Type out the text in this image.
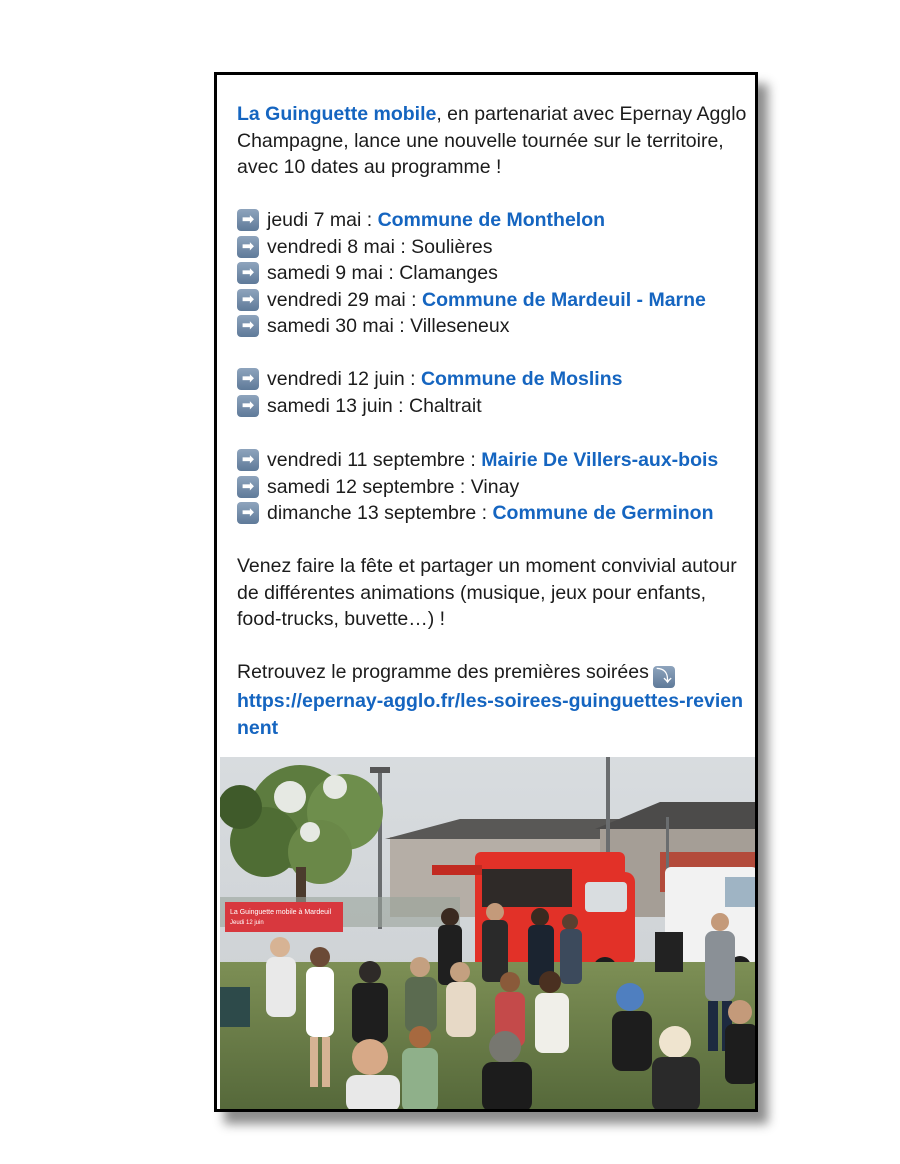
La Guinguette mobile, en partenariat avec Epernay Agglo Champagne, lance une nouvelle tournée sur le territoire, avec 10 dates au programme !

➡ jeudi 7 mai : Commune de Monthelon
➡ vendredi 8 mai : Soulières
➡ samedi 9 mai : Clamanges
➡ vendredi 29 mai : Commune de Mardeuil - Marne
➡ samedi 30 mai : Villeseneux
➡ vendredi 12 juin : Commune de Moslins
➡ samedi 13 juin : Chaltrait
➡ vendredi 11 septembre : Mairie De Villers-aux-bois
➡ samedi 12 septembre : Vinay
➡ dimanche 13 septembre : Commune de Germinon

Venez faire la fête et partager un moment convivial autour de différentes animations (musique, jeux pour enfants, food-trucks, buvette…) !

Retrouvez le programme des premières soirées ⤵

https://epernay-agglo.fr/les-soirees-guinguettes-reviennent
La Guinguette mobile à Mardeuil
Jeudi 12 juin
